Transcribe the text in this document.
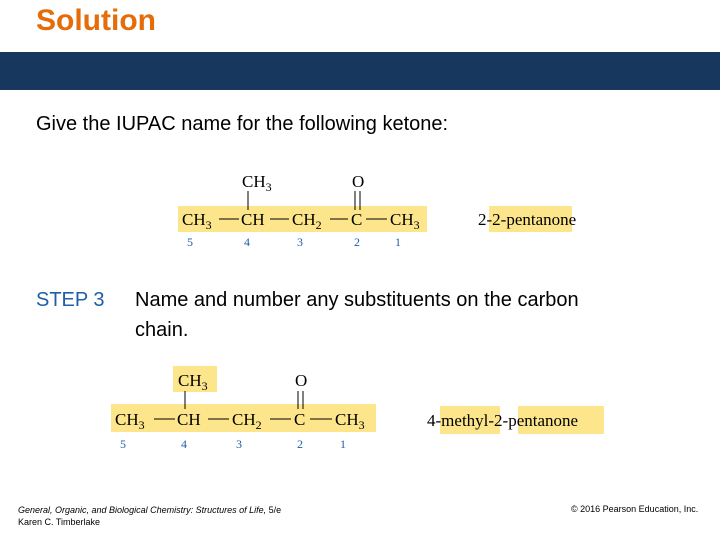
Solution
Give the IUPAC name for the following ketone:
$CH_3$	O
$CH_3$ CH $CH_2$ C $CH_3$
5	4	3	2	1
2-2-pentanone
STEP 3 Name and number any substituents on the carbon chain.
$CH_3$	O
$CH_3$ CH $CH_2$ C $CH_3$
5	4	3	2	1
4-methyl-2-pentanone
General, Organic, and Biological Chemistry: Structures of Life, 5/e
Karen C. Timberlake
© 2016 Pearson Education, Inc.
